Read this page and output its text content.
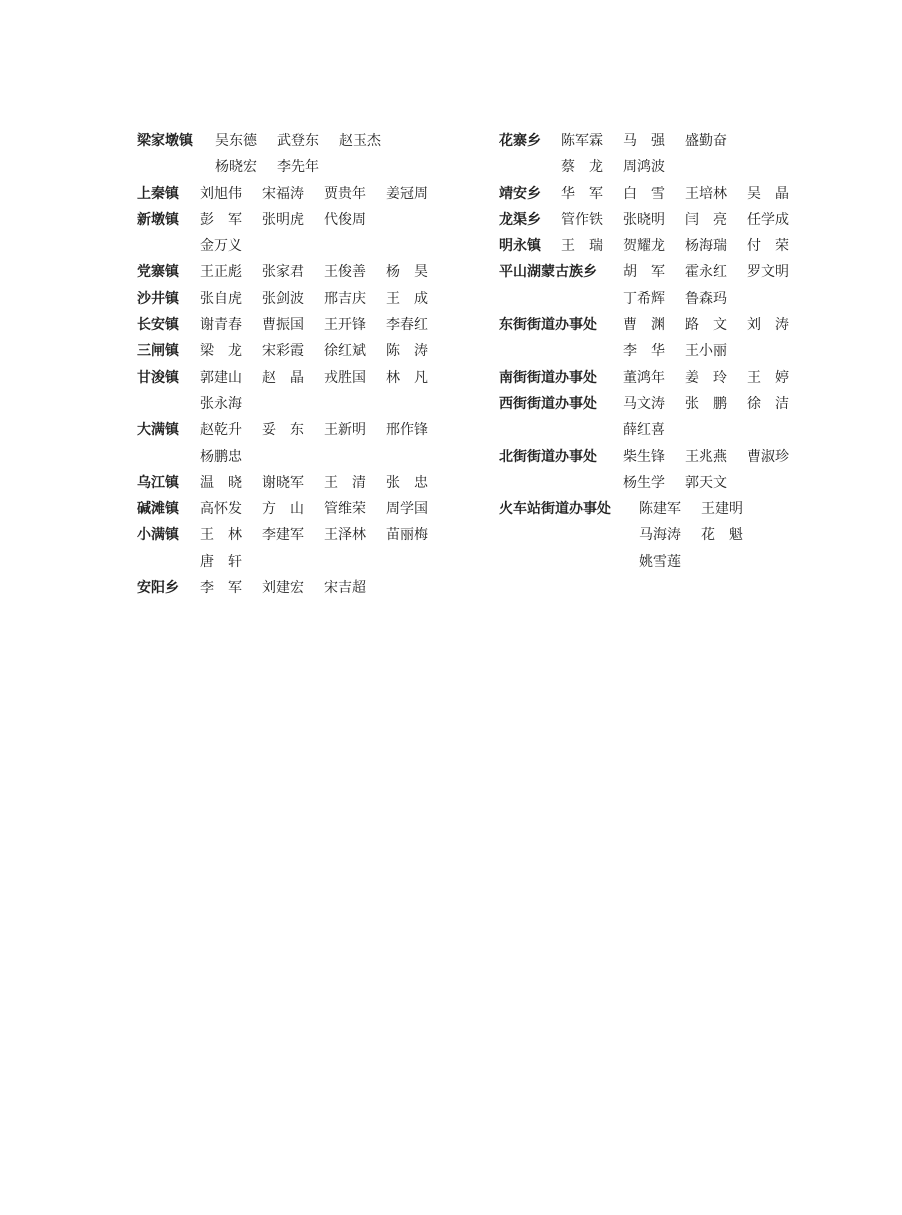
梁家墩镇	吴东德	武登东	赵玉杰
杨晓宏	李先年
上秦镇	刘旭伟	宋福涛	贾贵年	姜冠周
新墩镇	彭　军	张明虎	代俊周
金万义
党寨镇	王正彪	张家君	王俊善	杨　昊
沙井镇	张自虎	张剑波	邢吉庆	王　成
长安镇	谢青春	曹振国	王开锋	李春红
三闸镇	梁　龙	宋彩霞	徐红斌	陈　涛
甘浚镇	郭建山	赵　晶	戎胜国	林　凡
张永海
大满镇	赵乾升	妥　东	王新明	邢作锋
杨鹏忠
乌江镇	温　晓	谢晓军	王　清	张　忠
碱滩镇	高怀发	方　山	管维荣	周学国
小满镇	王　林	李建军	王泽林	苗丽梅
唐　轩
安阳乡	李　军	刘建宏	宋吉超
花寨乡	陈军霖	马　强	盛勤奋
蔡　龙	周鸿波
靖安乡	华　军	白　雪	王培林	吴　晶
龙渠乡	管作铁	张晓明	闫　亮	任学成
明永镇	王　瑞	贺耀龙	杨海瑞	付　荣
平山湖蒙古族乡	胡　军	霍永红	罗文明
丁希辉	鲁森玛
东街街道办事处	曹　渊	路　文	刘　涛
李　华	王小丽
南街街道办事处	董鸿年	姜　玲	王　婷
西街街道办事处	马文涛	张　鹏	徐　洁
薛红喜
北街街道办事处	柴生锋	王兆燕	曹淑珍
杨生学	郭天文
火车站街道办事处	陈建军	王建明
马海涛	花　魁
姚雪莲
